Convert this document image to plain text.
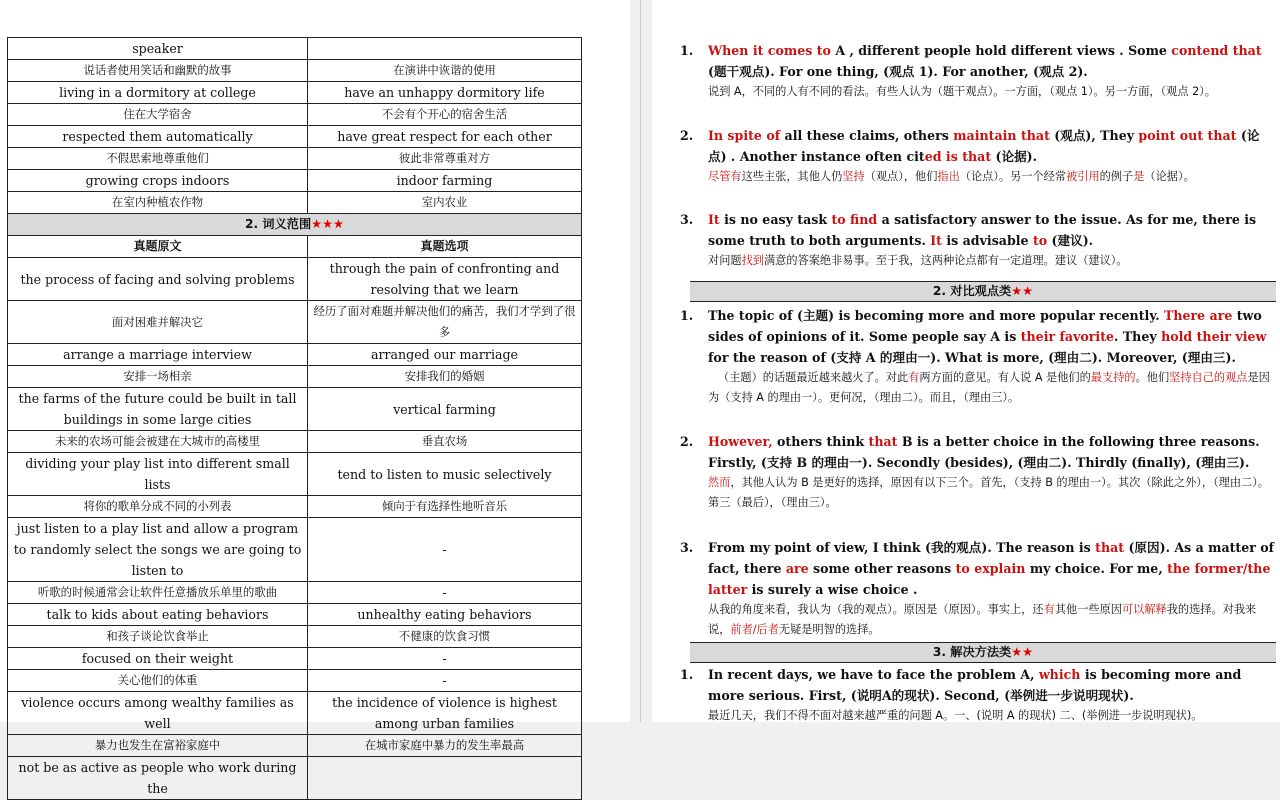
speaker	
说话者使用笑话和幽默的故事	在演讲中诙谐的使用
living in a dormitory at college	have an unhappy dormitory life
住在大学宿舍	不会有个开心的宿舍生活
respected them automatically	have great respect for each other
不假思索地尊重他们	彼此非常尊重对方
growing crops indoors	indoor farming
在室内种植农作物	室内农业
2. 词义范围★★★	
真题原文	真题选项
the process of facing and solving problems	through the pain of confronting and resolving that we learn
面对困难并解决它	经历了面对难题并解决他们的痛苦，我们才学到了很多
arrange a marriage interview	arranged our marriage
安排一场相亲	安排我们的婚姻
the farms of the future could be built in tall buildings in some large cities	vertical farming
未来的农场可能会被建在大城市的高楼里	垂直农场
dividing your play list into different small lists	tend to listen to music selectively
将你的歌单分成不同的小列表	倾向于有选择性地听音乐
just listen to a play list and allow a program to randomly select the songs we are going to listen to	-
听歌的时候通常会让软件任意播放乐单里的歌曲	-
talk to kids about eating behaviors	unhealthy eating behaviors
和孩子谈论饮食举止	不健康的饮食习惯
focused on their weight	-
关心他们的体重	-
violence occurs among wealthy families as well	the incidence of violence is highest among urban families
暴力也发生在富裕家庭中	在城市家庭中暴力的发生率最高
not be as active as people who work during the	
1. When it comes to A , different people hold different views . Some contend that (题干观点). For one thing, (观点 1). For another, (观点 2).
说到 A，不同的人有不同的看法。有些人认为（题干观点）。一方面，（观点 1）。另一方面，（观点 2）。
2. In spite of all these claims, others maintain that (观点), They point out that (论点) . Another instance often cited is that (论据).
尽管有这些主张，其他人仍坚持（观点），他们指出（论点）。另一个经常被引用的例子是（论据）。
3. It is no easy task to find a satisfactory answer to the issue. As for me, there is some truth to both arguments. It is advisable to (建议).
对问题找到满意的答案绝非易事。至于我，这两种论点都有一定道理。建议（建议）。
2. 对比观点类★★
1. The topic of (主题) is becoming more and more popular recently. There are two sides of opinions of it. Some people say A is their favorite. They hold their view for the reason of (支持 A 的理由一). What is more, (理由二). Moreover, (理由三).
（主题）的话题最近越来越火了。对此有两方面的意见。有人说 A 是他们的最支持的。他们坚持自己的观点是因为（支持 A 的理由一）。更何况，（理由二）。而且，（理由三）。
2. However, others think that B is a better choice in the following three reasons. Firstly, (支持 B 的理由一). Secondly (besides), (理由二). Thirdly (finally), (理由三).
然而，其他人认为 B 是更好的选择，原因有以下三个。首先，（支持 B 的理由一）。其次（除此之外），（理由二）。第三（最后），（理由三）。
3. From my point of view, I think (我的观点). The reason is that (原因). As a matter of fact, there are some other reasons to explain my choice. For me, the former/the latter is surely a wise choice .
从我的角度来看，我认为（我的观点）。原因是（原因）。事实上，还有其他一些原因可以解释我的选择。对我来说，前者/后者无疑是明智的选择。
3. 解决方法类★★
1. In recent days, we have to face the problem A, which is becoming more and more serious. First, (说明A的现状). Second, (举例进一步说明现状).
最近几天，我们不得不面对越来越严重的问题 A。一、(说明 A 的现状) 二、(举例进一步说明现状)。
